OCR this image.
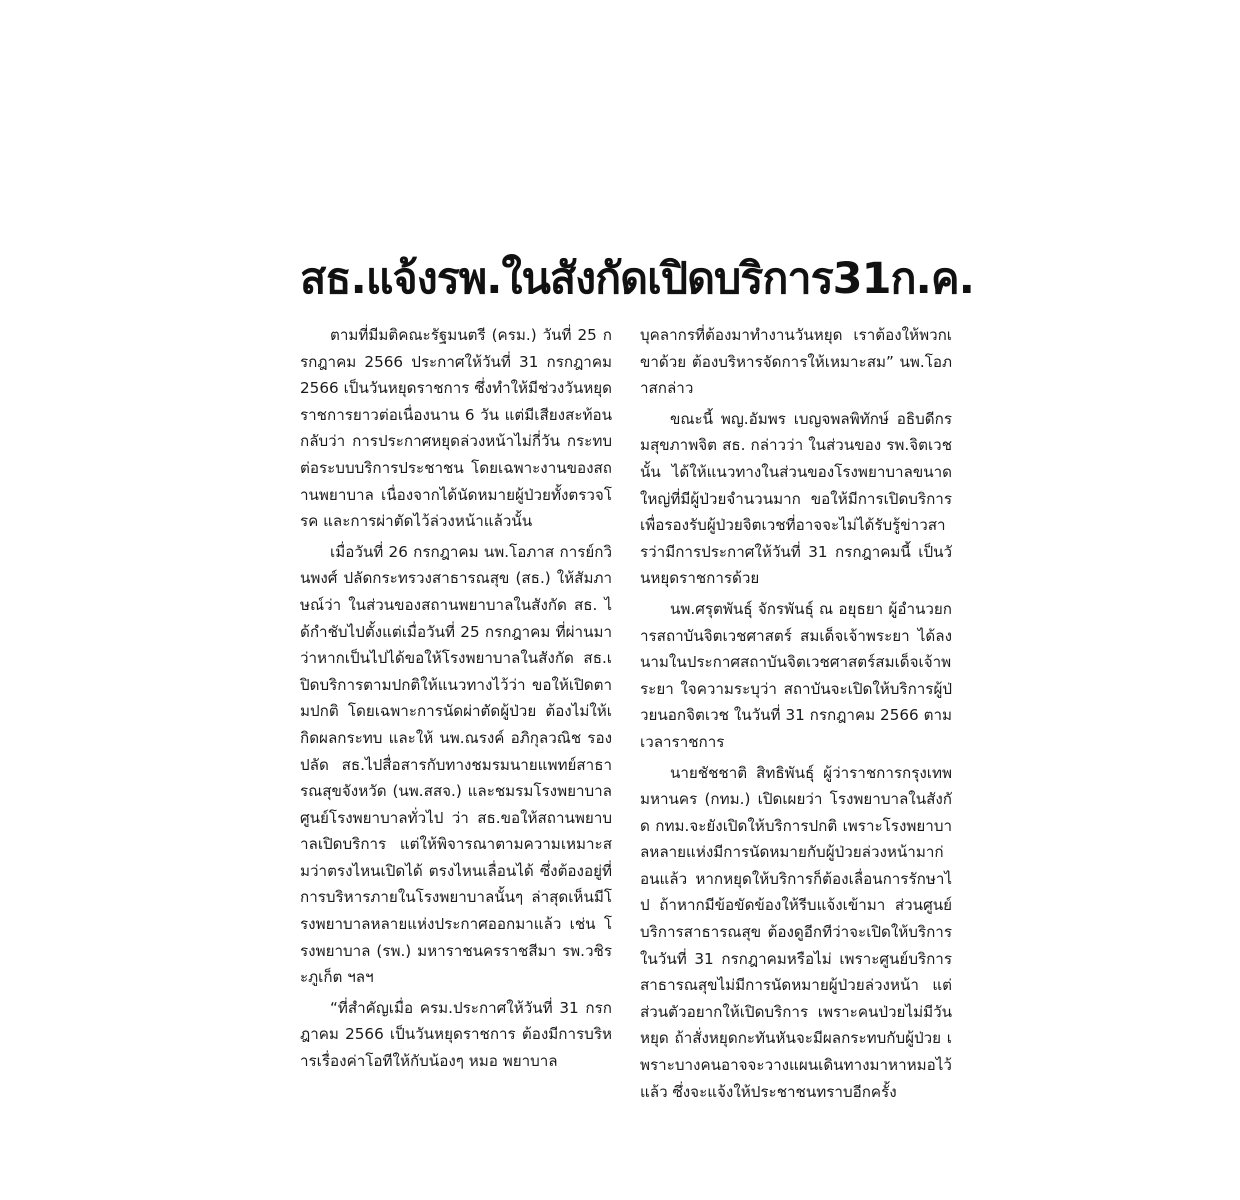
สธ.แจ้งรพ.ในสังกัดเปิดบริการ31ก.ค.

ตามที่มีมติคณะรัฐมนตรี (ครม.) วันที่ 25 กรกฎาคม 2566 ประกาศให้วันที่ 31 กรกฎาคม 2566 เป็นวันหยุดราชการ ซึ่งทำให้มีช่วงวันหยุดราชการยาวต่อเนื่องนาน 6 วัน แต่มีเสียงสะท้อนกลับว่า การประกาศหยุดล่วงหน้าไม่กี่วัน กระทบต่อระบบบริการประชาชน โดยเฉพาะงานของสถานพยาบาล เนื่องจากได้นัดหมายผู้ป่วยทั้งตรวจโรค และการผ่าตัดไว้ล่วงหน้าแล้วนั้น

เมื่อวันที่ 26 กรกฎาคม นพ.โอภาส การย์กวินพงศ์ ปลัดกระทรวงสาธารณสุข (สธ.) ให้สัมภาษณ์ว่า ในส่วนของสถานพยาบาลในสังกัด สธ. ได้กำชับไปตั้งแต่เมื่อวันที่ 25 กรกฎาคม ที่ผ่านมา ว่าหากเป็นไปได้ขอให้โรงพยาบาลในสังกัด สธ.เปิดบริการตามปกติให้แนวทางไว้ว่า ขอให้เปิดตามปกติ โดยเฉพาะการนัดผ่าตัดผู้ป่วย ต้องไม่ให้เกิดผลกระทบ และให้ นพ.ณรงค์ อภิกุลวณิช รองปลัด สธ.ไปสื่อสารกับทางชมรมนายแพทย์สาธารณสุขจังหวัด (นพ.สสจ.) และชมรมโรงพยาบาลศูนย์โรงพยาบาลทั่วไป ว่า สธ.ขอให้สถานพยาบาลเปิดบริการ แต่ให้พิจารณาตามความเหมาะสมว่าตรงไหนเปิดได้ ตรงไหนเลื่อนได้ ซึ่งต้องอยู่ที่การบริหารภายในโรงพยาบาลนั้นๆ ล่าสุดเห็นมีโรงพยาบาลหลายแห่งประกาศออกมาแล้ว เช่น โรงพยาบาล (รพ.) มหาราชนครราชสีมา รพ.วชิระภูเก็ต ฯลฯ

“ที่สำคัญเมื่อ ครม.ประกาศให้วันที่ 31 กรกฎาคม 2566 เป็นวันหยุดราชการ ต้องมีการบริหารเรื่องค่าโอทีให้กับน้องๆ หมอ พยาบาล

บุคลากรที่ต้องมาทำงานวันหยุด เราต้องให้พวกเขาด้วย ต้องบริหารจัดการให้เหมาะสม” นพ.โอภาสกล่าว

ขณะนี้ พญ.อัมพร เบญจพลพิทักษ์ อธิบดีกรมสุขภาพจิต สธ. กล่าวว่า ในส่วนของ รพ.จิตเวช นั้น ได้ให้แนวทางในส่วนของโรงพยาบาลขนาดใหญ่ที่มีผู้ป่วยจำนวนมาก ขอให้มีการเปิดบริการเพื่อรองรับผู้ป่วยจิตเวชที่อาจจะไม่ได้รับรู้ข่าวสารว่ามีการประกาศให้วันที่ 31 กรกฎาคมนี้ เป็นวันหยุดราชการด้วย

นพ.ศรุตพันธุ์ จักรพันธุ์ ณ อยุธยา ผู้อำนวยการสถาบันจิตเวชศาสตร์ สมเด็จเจ้าพระยา ได้ลงนามในประกาศสถาบันจิตเวชศาสตร์สมเด็จเจ้าพระยา ใจความระบุว่า สถาบันจะเปิดให้บริการผู้ป่วยนอกจิตเวช ในวันที่ 31 กรกฎาคม 2566 ตามเวลาราชการ

นายชัชชาติ สิทธิพันธุ์ ผู้ว่าราชการกรุงเทพมหานคร (กทม.) เปิดเผยว่า โรงพยาบาลในสังกัด กทม.จะยังเปิดให้บริการปกติ เพราะโรงพยาบาลหลายแห่งมีการนัดหมายกับผู้ป่วยล่วงหน้ามาก่อนแล้ว หากหยุดให้บริการก็ต้องเลื่อนการรักษาไป ถ้าหากมีข้อขัดข้องให้รีบแจ้งเข้ามา ส่วนศูนย์บริการสาธารณสุข ต้องดูอีกทีว่าจะเปิดให้บริการในวันที่ 31 กรกฎาคมหรือไม่ เพราะศูนย์บริการสาธารณสุขไม่มีการนัดหมายผู้ป่วยล่วงหน้า แต่ส่วนตัวอยากให้เปิดบริการ เพราะคนป่วยไม่มีวันหยุด ถ้าสั่งหยุดกะทันหันจะมีผลกระทบกับผู้ป่วย เพราะบางคนอาจจะวางแผนเดินทางมาหาหมอไว้แล้ว ซึ่งจะแจ้งให้ประชาชนทราบอีกครั้ง
